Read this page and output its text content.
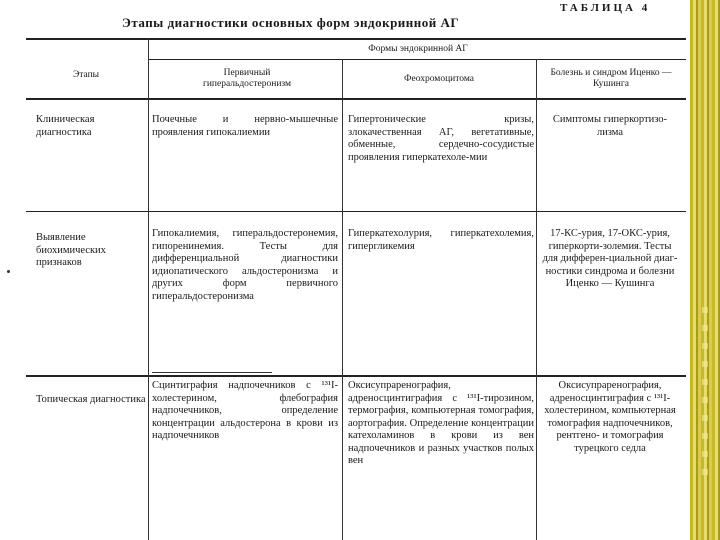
▪
▪
▪
▪
▪
▪
▪
▪
▪
▪
ТАБЛИЦА 4
Этапы диагностики основных форм эндокринной АГ
Этапы
Формы эндокринной АГ
Первичный гиперальдостеронизм	Феохромоцитома
Болезнь и синдром Иценко — Кушинга
Клиническая диагностика
Почечные и нервно-мышечные проявления гипокалиемии
Гипертонические кризы, злокачественная АГ, вегетативные, обменные, сердечно-сосудистые проявления гиперкатехоле-мии
Симптомы гиперкортизо-лизма
Выявление биохимических признаков
Гипокалиемия, гиперальдостеронемия, гипоренинемия. Тесты для дифференциальной диагностики идиопатического альдостеронизма и других форм первичного гиперальдостеронизма
Гиперкатехолурия, гиперкатехолемия, гипергликемия
17-КС-урия, 17-ОКС-урия, гиперкорти-золемия. Тесты для дифферен-циальной диаг-ностики синдрома и болезни Иценко — Кушинга
Топическая диагностика
Сцинтиграфия надпочечников с ¹³¹I-холестерином, флебография надпочечников, определение концентрации альдостерона в крови из надпочечников
Оксисупраренография, адреносцинтиграфия с ¹³¹I-тирозином, термография, компьютерная томография, аортография. Определение концентрации катехоламинов в крови из вен надпочечников и разных участков полых вен
Оксисупраренография, адреносцинтиграфия с ¹³¹I-холестерином, компьютерная томография надпочечников, рентгено- и томография турецкого седла
